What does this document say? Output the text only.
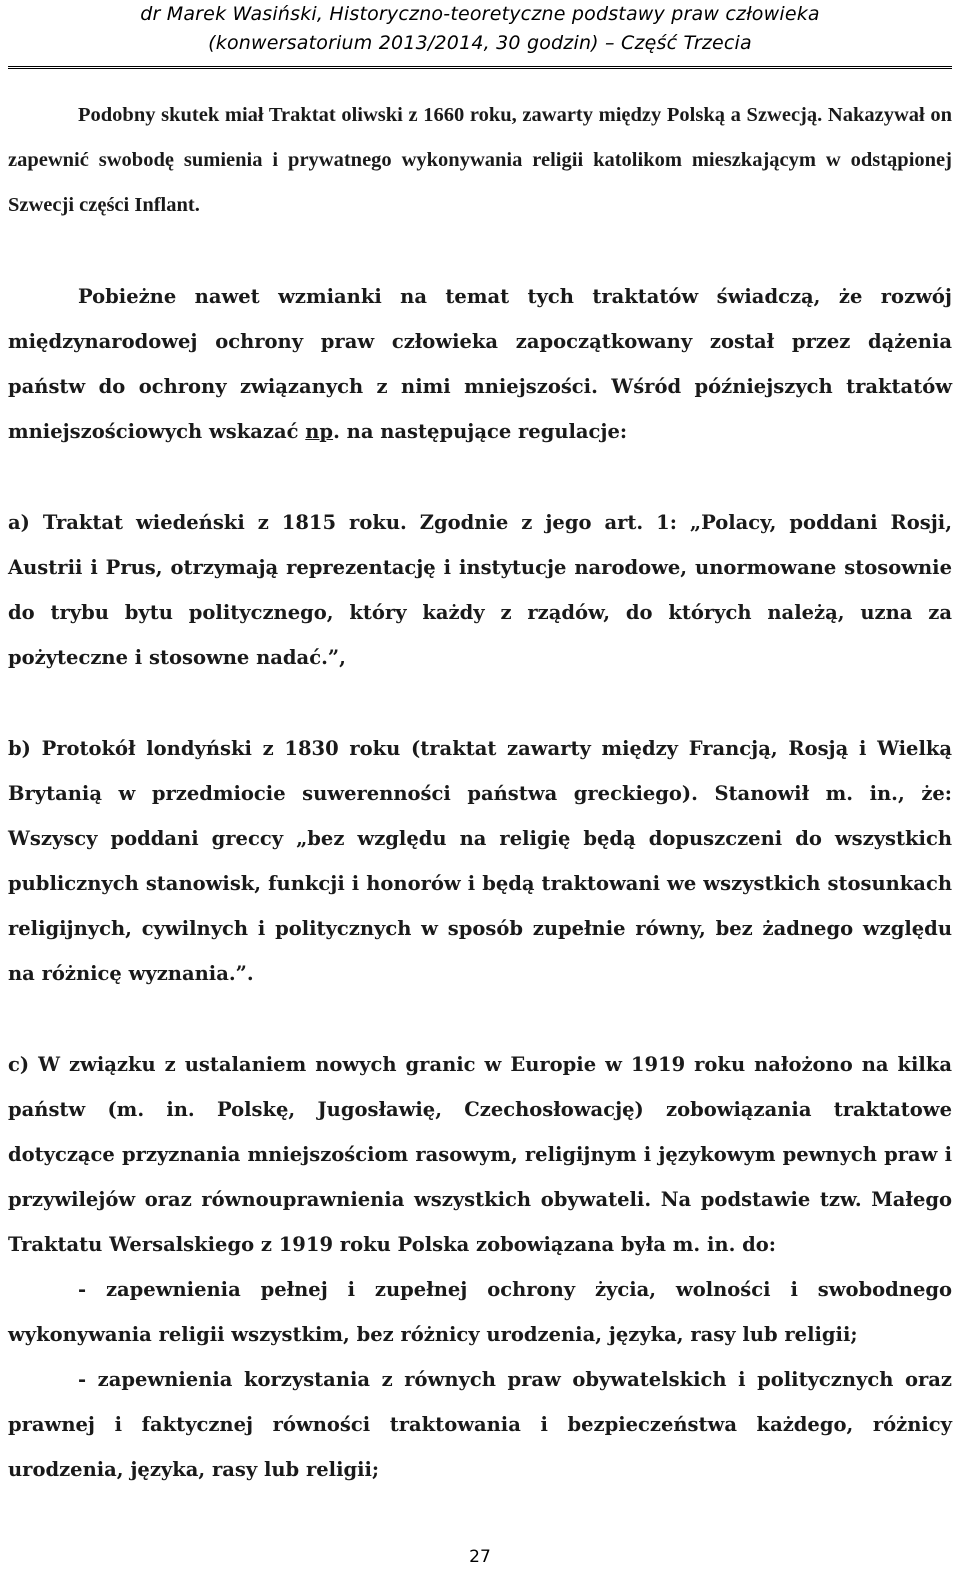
dr Marek Wasiński, Historyczno-teoretyczne podstawy praw człowieka
(konwersatorium 2013/2014, 30 godzin) – Część Trzecia

Podobny skutek miał Traktat oliwski z 1660 roku, zawarty między Polską a Szwecją. Nakazywał on zapewnić swobodę sumienia i prywatnego wykonywania religii katolikom mieszkającym w odstąpionej Szwecji części Inflant.

Pobieżne nawet wzmianki na temat tych traktatów świadczą, że rozwój międzynarodowej ochrony praw człowieka zapoczątkowany został przez dążenia państw do ochrony związanych z nimi mniejszości. Wśród późniejszych traktatów mniejszościowych wskazać np. na następujące regulacje:

a) Traktat wiedeński z 1815 roku. Zgodnie z jego art. 1: „Polacy, poddani Rosji, Austrii i Prus, otrzymają reprezentację i instytucje narodowe, unormowane stosownie do trybu bytu politycznego, który każdy z rządów, do których należą, uzna za pożyteczne i stosowne nadać.”,

b) Protokół londyński z 1830 roku (traktat zawarty między Francją, Rosją i Wielką Brytanią w przedmiocie suwerenności państwa greckiego). Stanowił m. in., że: Wszyscy poddani greccy „bez względu na religię będą dopuszczeni do wszystkich publicznych stanowisk, funkcji i honorów i będą traktowani we wszystkich stosunkach religijnych, cywilnych i politycznych w sposób zupełnie równy, bez żadnego względu na różnicę wyznania.”.

c) W związku z ustalaniem nowych granic w Europie w 1919 roku nałożono na kilka państw (m. in. Polskę, Jugosławię, Czechosłowację) zobowiązania traktatowe dotyczące przyznania mniejszościom rasowym, religijnym i językowym pewnych praw i przywilejów oraz równouprawnienia wszystkich obywateli. Na podstawie tzw. Małego Traktatu Wersalskiego z 1919 roku Polska zobowiązana była m. in. do:

- zapewnienia pełnej i zupełnej ochrony życia, wolności i swobodnego wykonywania religii wszystkim, bez różnicy urodzenia, języka, rasy lub religii;

- zapewnienia korzystania z równych praw obywatelskich i politycznych oraz prawnej i faktycznej równości traktowania i bezpieczeństwa każdego, różnicy urodzenia, języka, rasy lub religii;

27
